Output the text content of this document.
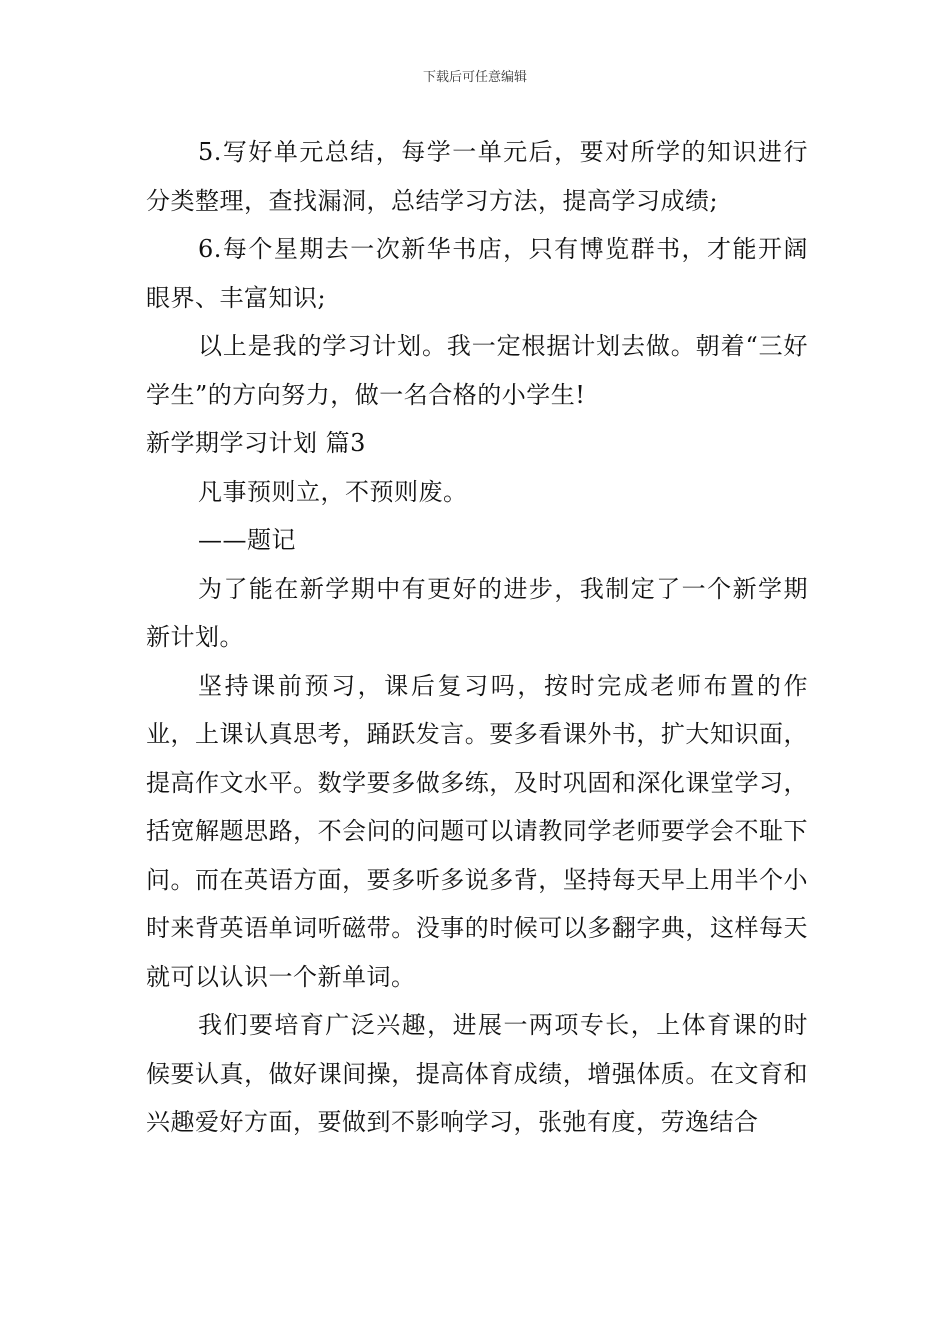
下载后可任意编辑

5.写好单元总结，每学一单元后，要对所学的知识进行分类整理，查找漏洞，总结学习方法，提高学习成绩;

6.每个星期去一次新华书店，只有博览群书，才能开阔眼界、丰富知识;

以上是我的学习计划。我一定根据计划去做。朝着“三好学生”的方向努力，做一名合格的小学生!

新学期学习计划 篇3

凡事预则立，不预则废。

——题记

为了能在新学期中有更好的进步，我制定了一个新学期新计划。

坚持课前预习，课后复习吗，按时完成老师布置的作业，上课认真思考，踊跃发言。要多看课外书，扩大知识面，提高作文水平。数学要多做多练，及时巩固和深化课堂学习，括宽解题思路，不会问的问题可以请教同学老师要学会不耻下问。而在英语方面，要多听多说多背，坚持每天早上用半个小时来背英语单词听磁带。没事的时候可以多翻字典，这样每天就可以认识一个新单词。

我们要培育广泛兴趣，进展一两项专长，上体育课的时候要认真，做好课间操，提高体育成绩，增强体质。在文育和兴趣爱好方面，要做到不影响学习，张弛有度，劳逸结合
